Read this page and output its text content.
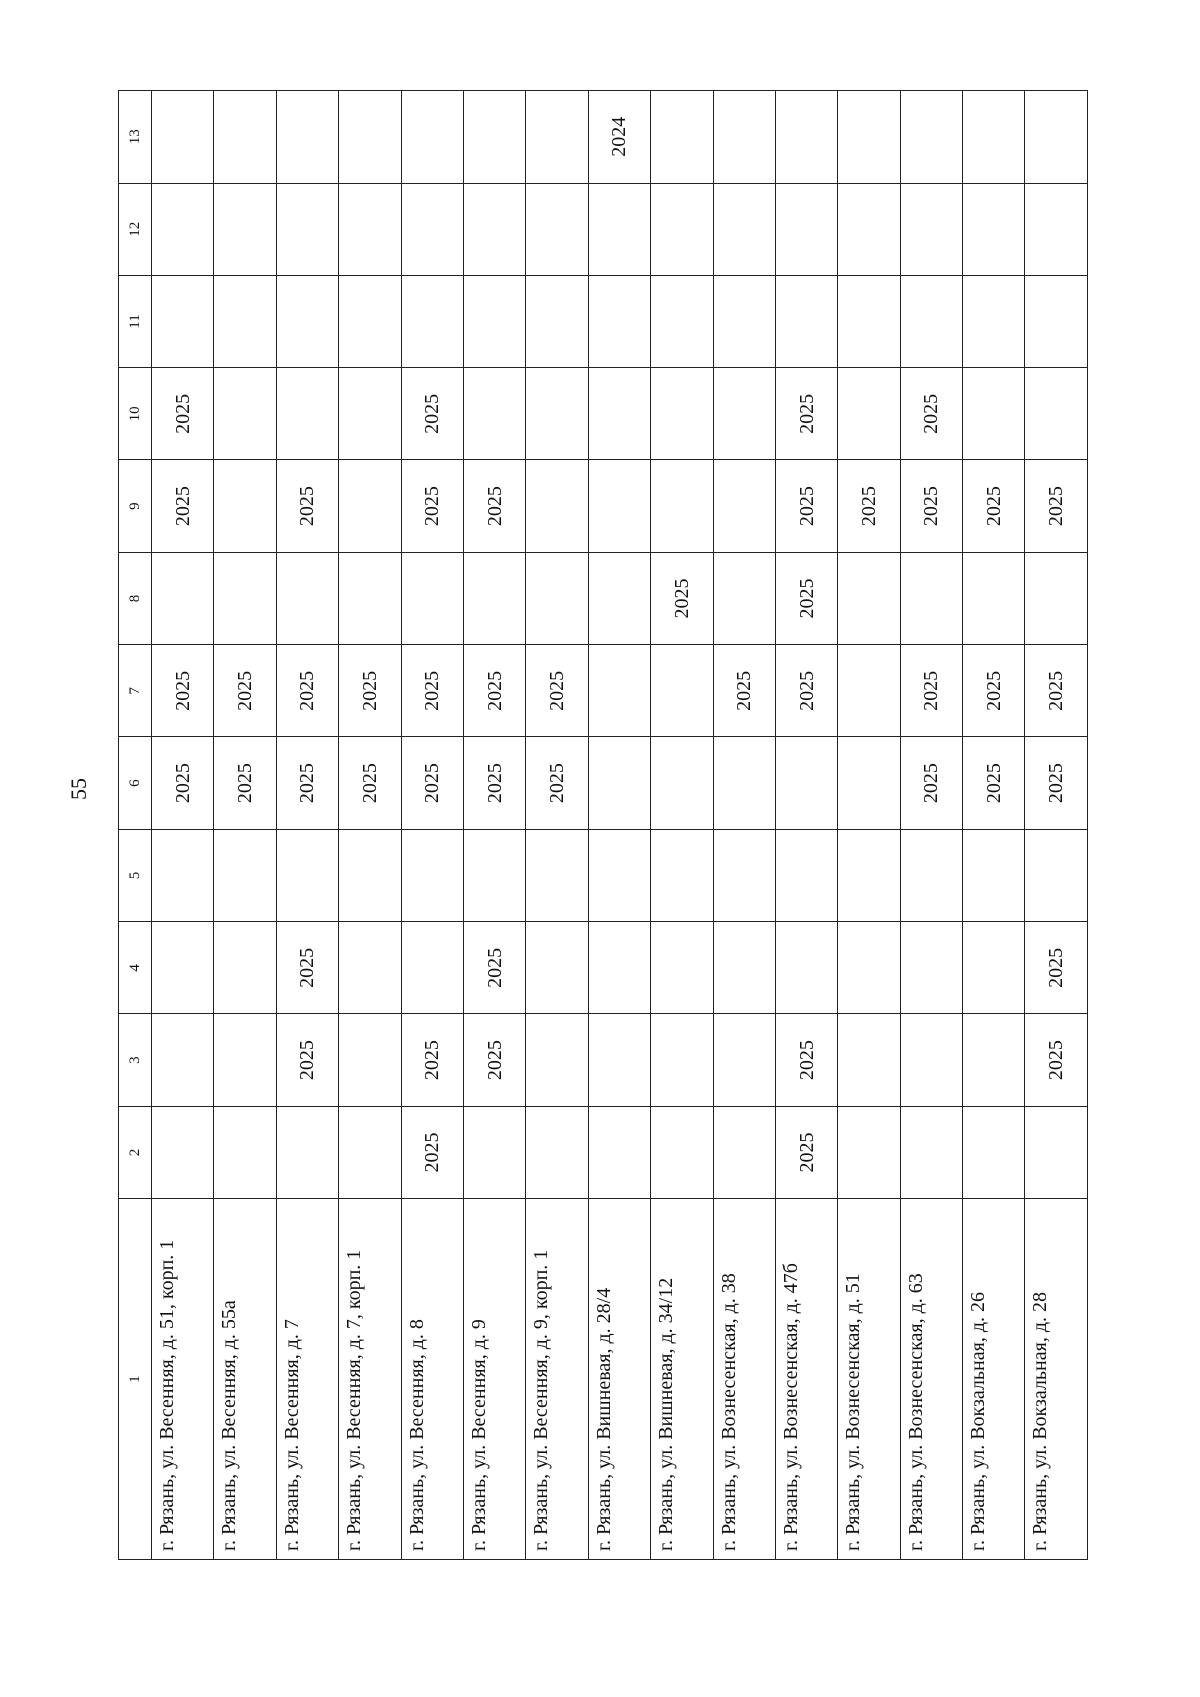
55
1	2	3	4	5	6	7	8	9	10	11	12	13
г. Рязань, ул. Весенняя, д. 51, корп. 1					2025	2025		2025	2025			
г. Рязань, ул. Весенняя, д. 55а					2025	2025						
г. Рязань, ул. Весенняя, д. 7		2025	2025		2025	2025		2025				
г. Рязань, ул. Весенняя, д. 7, корп. 1					2025	2025						
г. Рязань, ул. Весенняя, д. 8	2025	2025			2025	2025		2025	2025			
г. Рязань, ул. Весенняя, д. 9		2025	2025		2025	2025		2025				
г. Рязань, ул. Весенняя, д. 9, корп. 1					2025	2025						
г. Рязань, ул. Вишневая, д. 28/4												2024
г. Рязань, ул. Вишневая, д. 34/12							2025					
г. Рязань, ул. Вознесенская, д. 38						2025						
г. Рязань, ул. Вознесенская, д. 47б	2025	2025				2025	2025	2025	2025			
г. Рязань, ул. Вознесенская, д. 51								2025				
г. Рязань, ул. Вознесенская, д. 63					2025	2025		2025	2025			
г. Рязань, ул. Вокзальная, д. 26					2025	2025		2025				
г. Рязань, ул. Вокзальная, д. 28		2025	2025		2025	2025		2025				
